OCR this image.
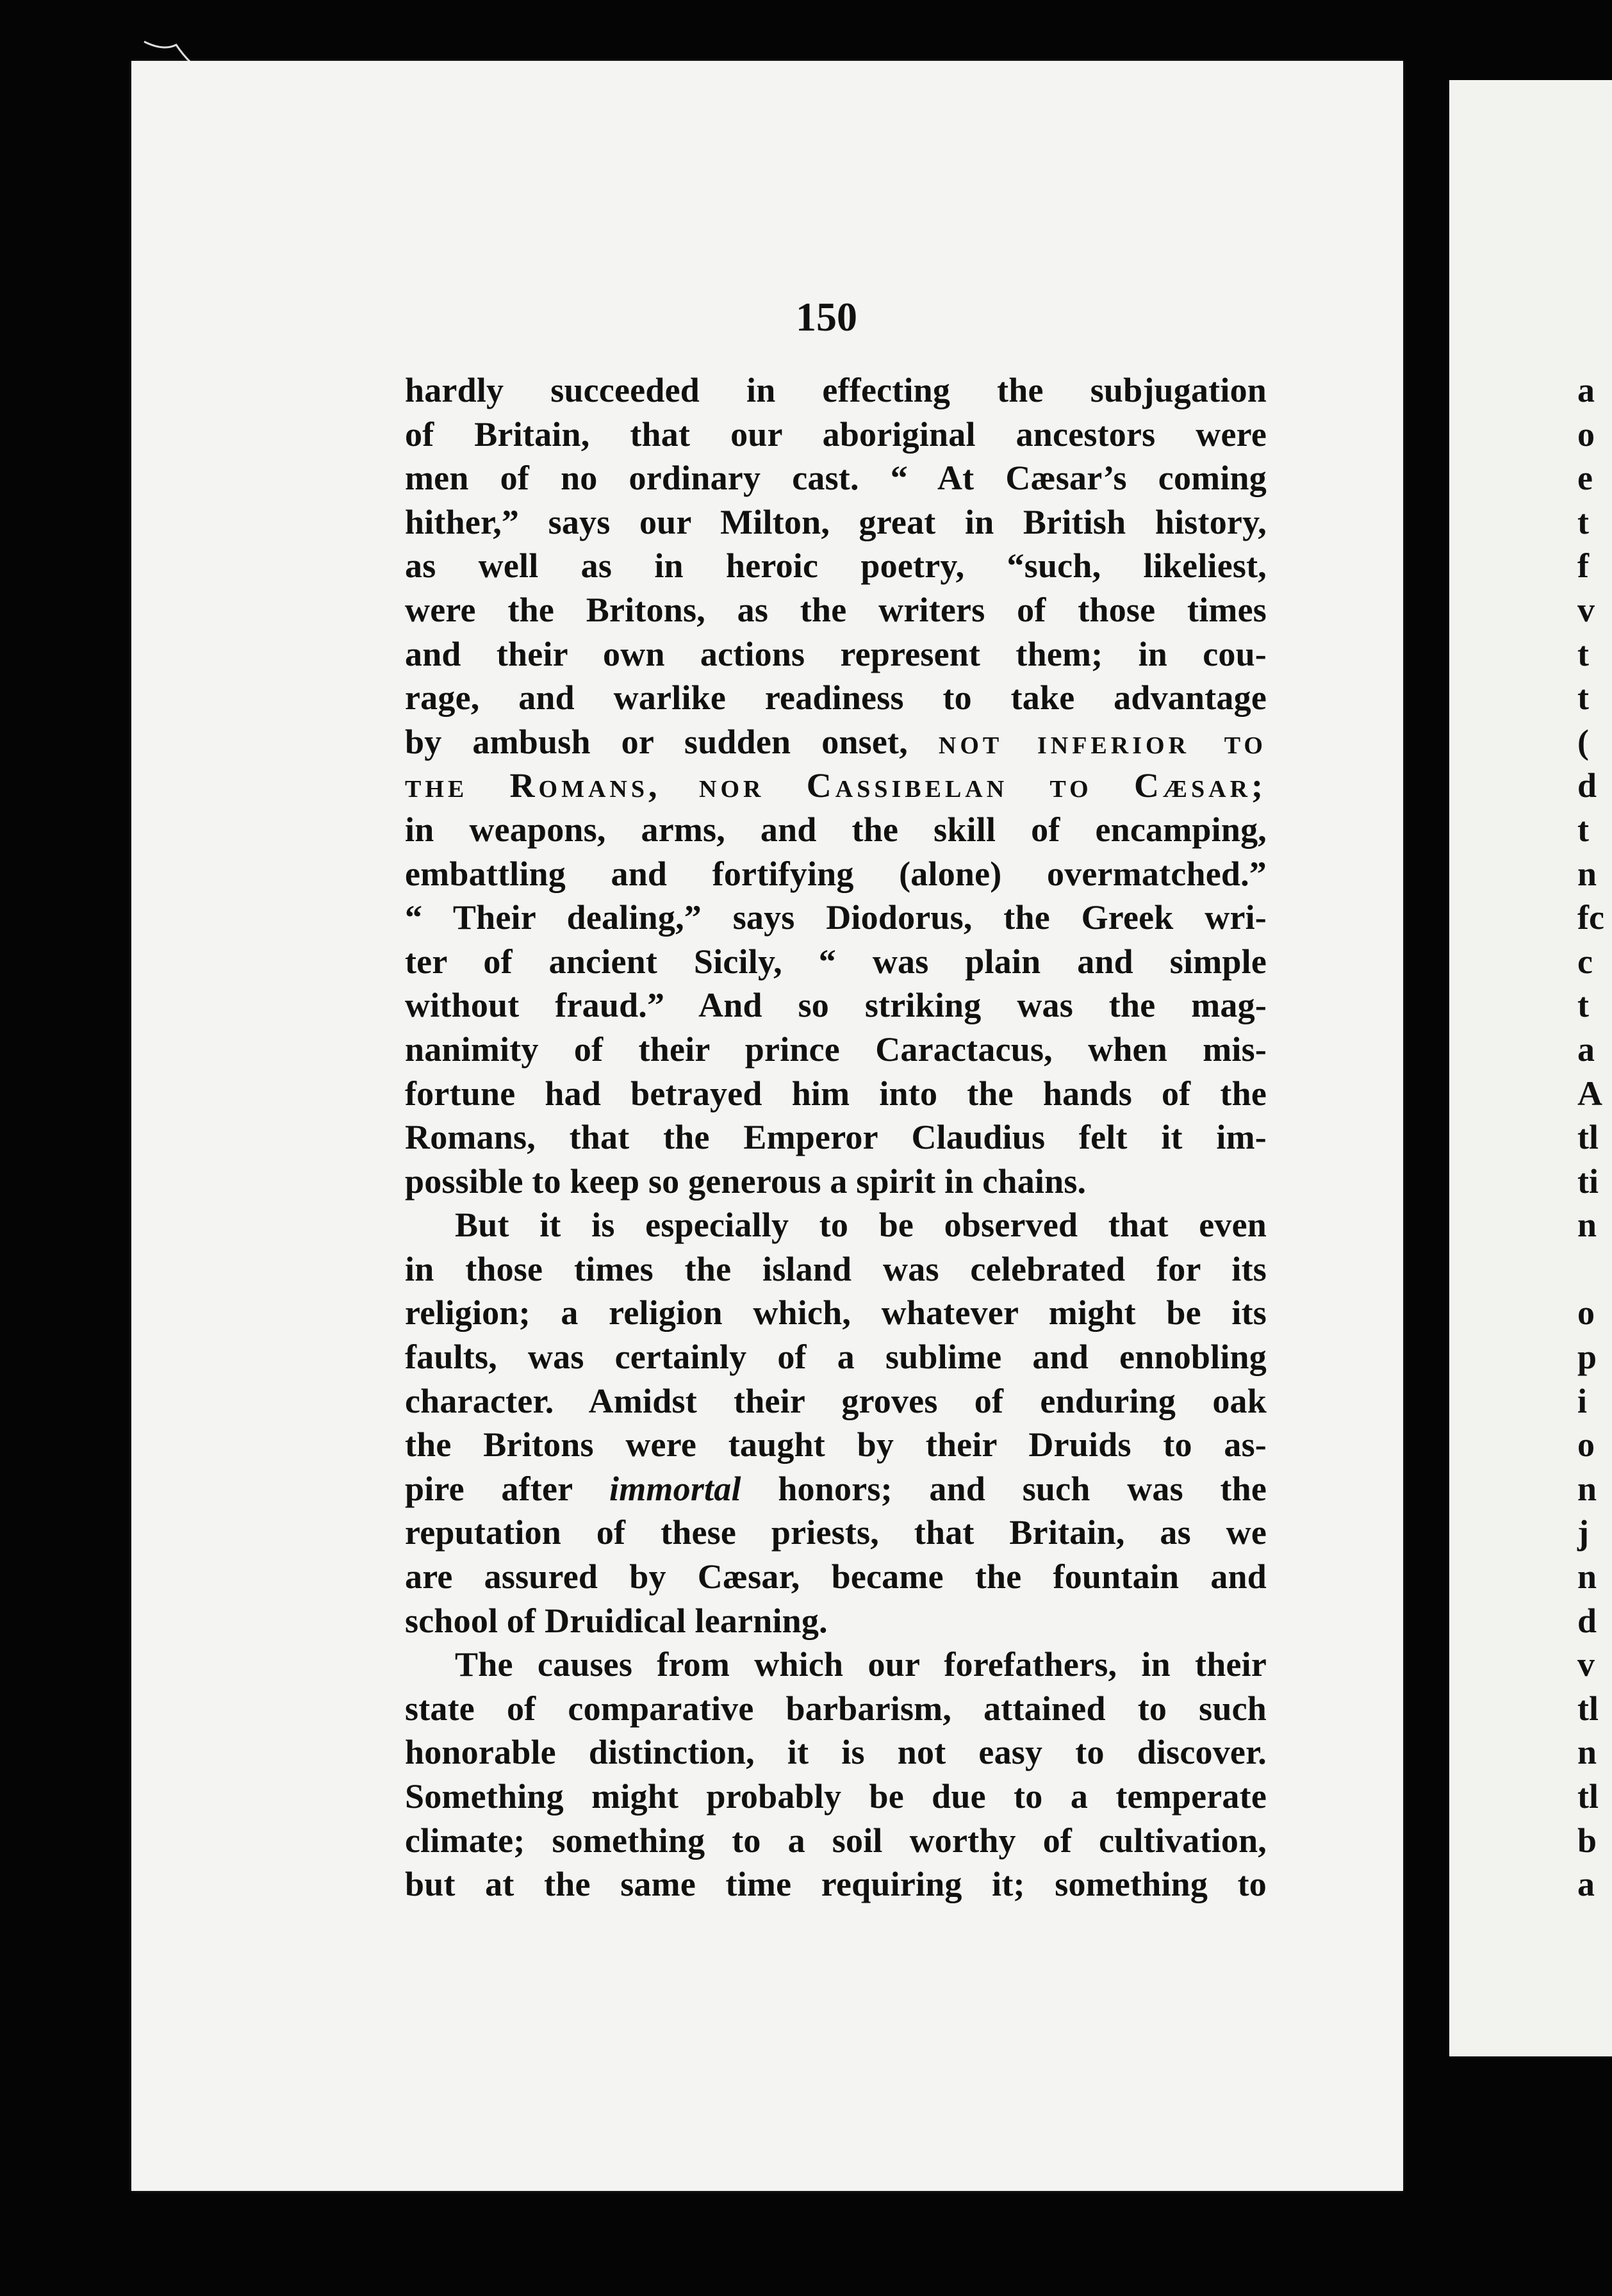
150
hardly succeeded in effecting the subjugation
of Britain, that our aboriginal ancestors were
men of no ordinary cast. “ At Cæsar’s coming
hither,” says our Milton, great in British history,
as well as in heroic poetry, “such, likeliest,
were the Britons, as the writers of those times
and their own actions represent them; in cou-
rage, and warlike readiness to take advantage
by ambush or sudden onset, not inferior to
the Romans, nor Cassibelan to Cæsar;
in weapons, arms, and the skill of encamping,
embattling and fortifying (alone) overmatched.”
“ Their dealing,” says Diodorus, the Greek wri-
ter of ancient Sicily, “ was plain and simple
without fraud.” And so striking was the mag-
nanimity of their prince Caractacus, when mis-
fortune had betrayed him into the hands of the
Romans, that the Emperor Claudius felt it im-
possible to keep so generous a spirit in chains.
But it is especially to be observed that even
in those times the island was celebrated for its
religion; a religion which, whatever might be its
faults, was certainly of a sublime and ennobling
character. Amidst their groves of enduring oak
the Britons were taught by their Druids to as-
pire after immortal honors; and such was the
reputation of these priests, that Britain, as we
are assured by Cæsar, became the fountain and
school of Druidical learning.
The causes from which our forefathers, in their
state of comparative barbarism, attained to such
honorable distinction, it is not easy to discover.
Something might probably be due to a temperate
climate; something to a soil worthy of cultivation,
but at the same time requiring it; something to
a
o
e
t
f
v
t
t
(
d
t
n
fc
c
t
a
A
tl
ti
n
o
p
i
o
n
j
n
d
v
tl
n
tl
b
a
